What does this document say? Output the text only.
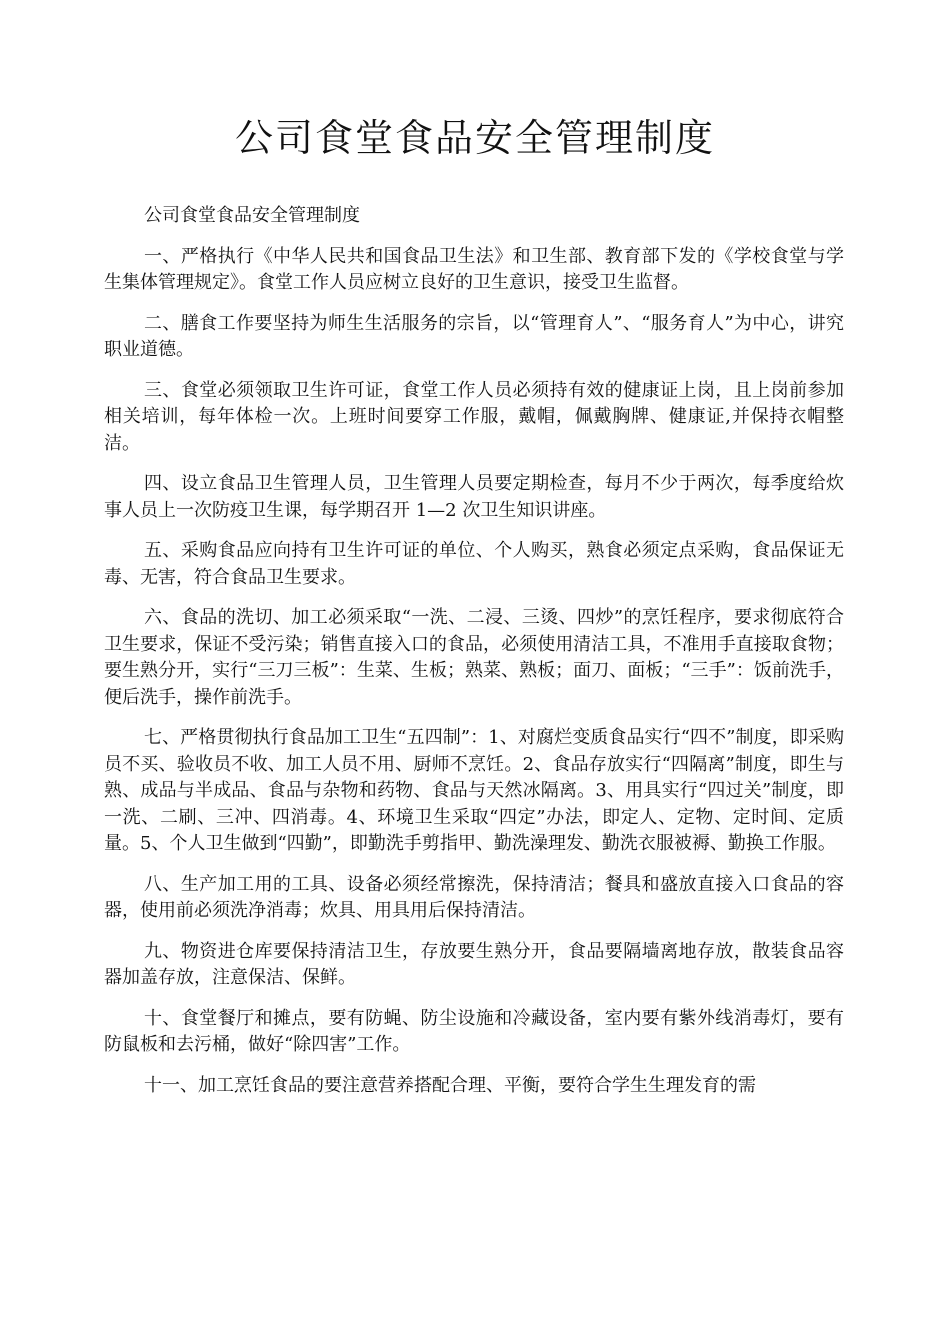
公司食堂食品安全管理制度

公司食堂食品安全管理制度

一、严格执行《中华人民共和国食品卫生法》和卫生部、教育部下发的《学校食堂与学生集体管理规定》。食堂工作人员应树立良好的卫生意识，接受卫生监督。

二、膳食工作要坚持为师生生活服务的宗旨，以“管理育人”、“服务育人”为中心，讲究职业道德。

三、食堂必须领取卫生许可证，食堂工作人员必须持有效的健康证上岗，且上岗前参加相关培训，每年体检一次。上班时间要穿工作服，戴帽，佩戴胸牌、健康证,并保持衣帽整洁。

四、设立食品卫生管理人员，卫生管理人员要定期检查，每月不少于两次，每季度给炊事人员上一次防疫卫生课，每学期召开 1—2 次卫生知识讲座。

五、采购食品应向持有卫生许可证的单位、个人购买，熟食必须定点采购，食品保证无毒、无害，符合食品卫生要求。

六、食品的洗切、加工必须采取“一洗、二浸、三烫、四炒”的烹饪程序，要求彻底符合卫生要求，保证不受污染；销售直接入口的食品，必须使用清洁工具，不准用手直接取食物；要生熟分开，实行“三刀三板”：生菜、生板；熟菜、熟板；面刀、面板；“三手”：饭前洗手，便后洗手，操作前洗手。

七、严格贯彻执行食品加工卫生“五四制”：1、对腐烂变质食品实行“四不”制度，即采购员不买、验收员不收、加工人员不用、厨师不烹饪。2、食品存放实行“四隔离”制度，即生与熟、成品与半成品、食品与杂物和药物、食品与天然冰隔离。3、用具实行“四过关”制度，即一洗、二刷、三冲、四消毒。4、环境卫生采取“四定”办法，即定人、定物、定时间、定质量。5、个人卫生做到“四勤”，即勤洗手剪指甲、勤洗澡理发、勤洗衣服被褥、勤换工作服。

八、生产加工用的工具、设备必须经常擦洗，保持清洁；餐具和盛放直接入口食品的容器，使用前必须洗净消毒；炊具、用具用后保持清洁。

九、物资进仓库要保持清洁卫生，存放要生熟分开，食品要隔墙离地存放，散装食品容器加盖存放，注意保洁、保鲜。

十、食堂餐厅和摊点，要有防蝇、防尘设施和冷藏设备，室内要有紫外线消毒灯，要有防鼠板和去污桶，做好“除四害”工作。

十一、加工烹饪食品的要注意营养搭配合理、平衡，要符合学生生理发育的需
